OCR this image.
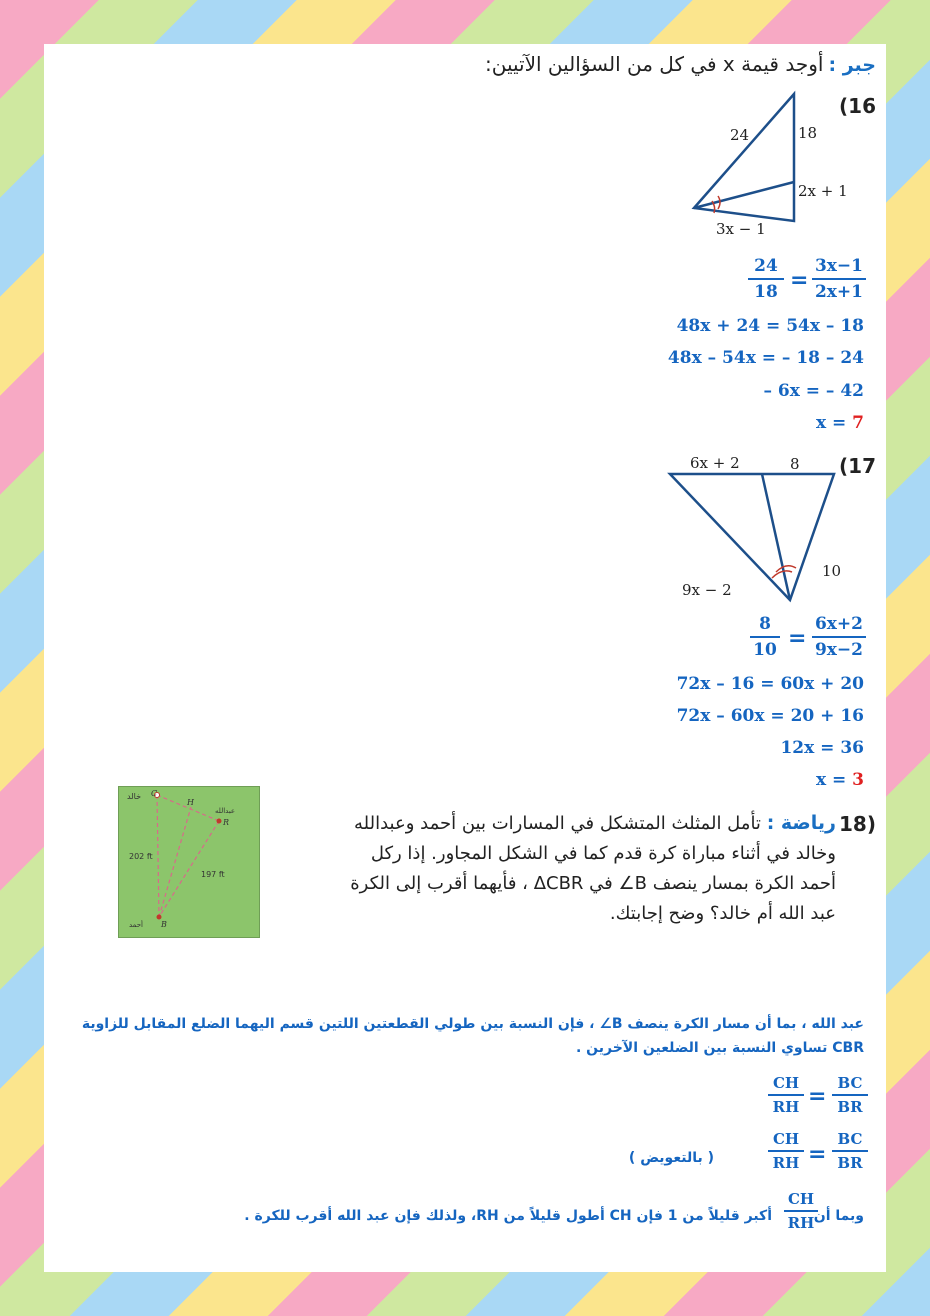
جبر : أوجد قيمة x في كل من السؤالين الآتيين:
(16
24	18
2x + 1
3x − 1
$\frac{24}{18} = \frac{3x-1}{2x+1}$
48x + 24 = 54x – 18
48x – 54x = – 18 – 24
– 6x = – 42
x = 7
(17
6x + 2	8
10
9x − 2
$\frac{8}{10} = \frac{6x+2}{9x-2}$
72x – 16 = 60x + 20
72x – 60x = 20 + 16
12x = 36
x = 3
18)
رياضة : تأمل المثلث المتشكل في المسارات بين أحمد وعبدالله وخالد في أثناء مباراة كرة قدم كما في الشكل المجاور. إذا ركل أحمد الكرة بمسار ينصف B∠ في ΔCBR ، فأيهما أقرب إلى الكرة عبد الله أم خالد؟ وضح إجابتك.
خالد C
H
عبدالله
R
202 ft
197 ft
أحمد B
عبد الله ، بما أن مسار الكرة ينصف B∠ ، فإن النسبة بين طولي القطعتين اللتين قسم اليهما الضلع المقابل للزاوية CBR تساوي النسبة بين الضلعين الآخرين .
$\frac{CH}{RH} = \frac{BC}{BR}$
( بالتعويض )	$\frac{CH}{RH} = \frac{BC}{BR}$
وبما أن
$\frac{CH}{RH}$
أكبر قليلاً من 1 فإن CH أطول قليلاً من RH، ولذلك فإن عبد الله أقرب للكرة .
